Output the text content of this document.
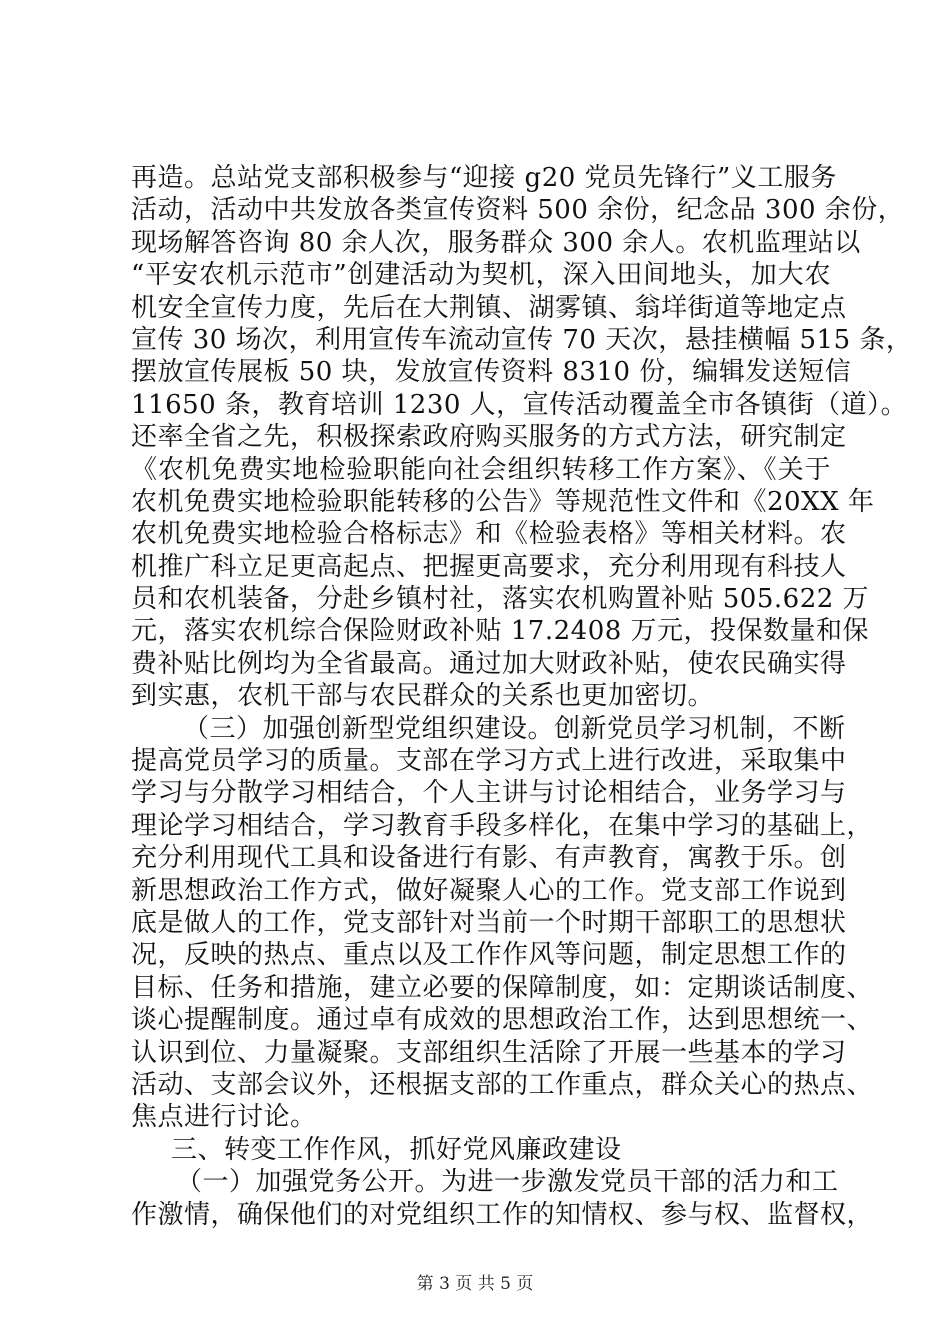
再造。总站党支部积极参与“迎接 g20 党员先锋行”义工服务
活动，活动中共发放各类宣传资料 500 余份，纪念品 300 余份，
现场解答咨询 80 余人次，服务群众 300 余人。农机监理站以
“平安农机示范市”创建活动为契机，深入田间地头，加大农
机安全宣传力度，先后在大荆镇、湖雾镇、翁垟街道等地定点
宣传 30 场次，利用宣传车流动宣传 70 天次，悬挂横幅 515 条，
摆放宣传展板 50 块，发放宣传资料 8310 份，编辑发送短信
11650 条，教育培训 1230 人，宣传活动覆盖全市各镇街（道）。
还率全省之先，积极探索政府购买服务的方式方法，研究制定
《农机免费实地检验职能向社会组织转移工作方案》、《关于
农机免费实地检验职能转移的公告》等规范性文件和《20XX 年
农机免费实地检验合格标志》和《检验表格》等相关材料。农
机推广科立足更高起点、把握更高要求，充分利用现有科技人
员和农机装备，分赴乡镇村社，落实农机购置补贴 505.622 万
元，落实农机综合保险财政补贴 17.2408 万元，投保数量和保
费补贴比例均为全省最高。通过加大财政补贴，使农民确实得
到实惠，农机干部与农民群众的关系也更加密切。
（三）加强创新型党组织建设。创新党员学习机制，不断
提高党员学习的质量。支部在学习方式上进行改进，采取集中
学习与分散学习相结合，个人主讲与讨论相结合，业务学习与
理论学习相结合，学习教育手段多样化，在集中学习的基础上，
充分利用现代工具和设备进行有影、有声教育，寓教于乐。创
新思想政治工作方式，做好凝聚人心的工作。党支部工作说到
底是做人的工作，党支部针对当前一个时期干部职工的思想状
况，反映的热点、重点以及工作作风等问题，制定思想工作的
目标、任务和措施，建立必要的保障制度，如：定期谈话制度、
谈心提醒制度。通过卓有成效的思想政治工作，达到思想统一、
认识到位、力量凝聚。支部组织生活除了开展一些基本的学习
活动、支部会议外，还根据支部的工作重点，群众关心的热点、
焦点进行讨论。
三、转变工作作风，抓好党风廉政建设
（一）加强党务公开。为进一步激发党员干部的活力和工
作激情，确保他们的对党组织工作的知情权、参与权、监督权，
第 3 页 共 5 页
